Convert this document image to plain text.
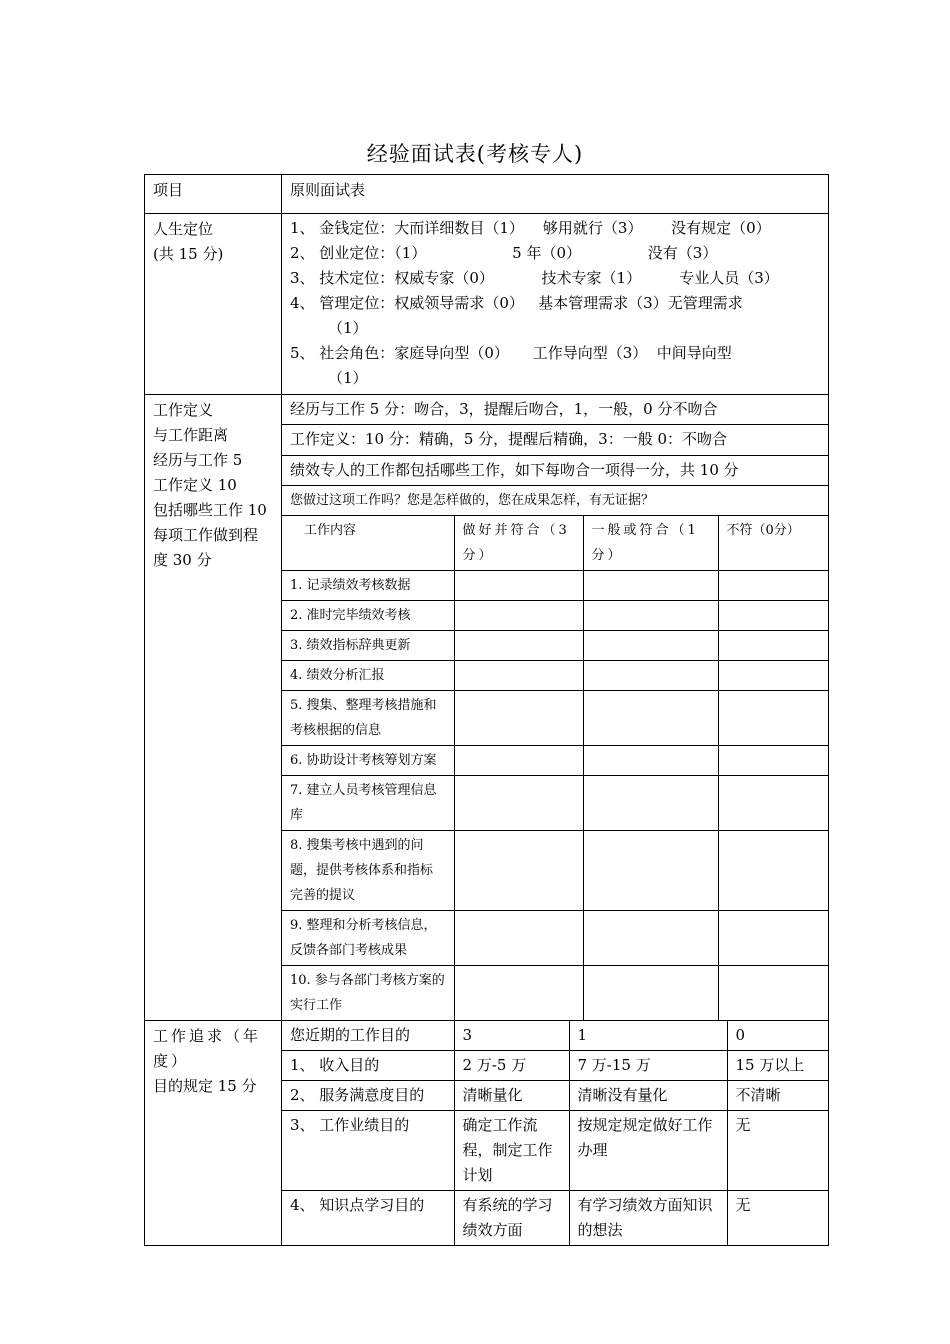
经验面试表(考核专人)
项目	原则面试表

人生定位
(共 15 分)

1、 金钱定位：大而详细数目（1）    够用就行（3）      没有规定（0）
2、 创业定位：（1）                  5 年（0）              没有（3）
3、 技术定位：权威专家（0）          技术专家（1）        专业人员（3）
4、 管理定位：权威领导需求（0）   基本管理需求（3）无管理需求
（1）
5、 社会角色：家庭导向型（0）     工作导向型（3）  中间导向型
（1）

工作定义
与工作距离
经历与工作 5
工作定义 10
包括哪些工作 10
每项工作做到程
度 30 分

经历与工作 5 分：吻合，3，提醒后吻合，1，一般，0 分不吻合
工作定义：10 分：精确，5 分，提醒后精确，3：一般 0：不吻合
绩效专人的工作都包括哪些工作，如下每吻合一项得一分，共 10 分
您做过这项工作吗？您是怎样做的，您在成果怎样，有无证据？
工作内容	做好并符合（3分）	一般或符合（1分）	不符（0分）
1. 记录绩效考核数据			
2. 准时完毕绩效考核			
3. 绩效指标辞典更新			
4. 绩效分析汇报			
5. 搜集、整理考核措施和考核根据的信息			
6. 协助设计考核筹划方案			
7. 建立人员考核管理信息库			
8. 搜集考核中遇到的问题，提供考核体系和指标完善的提议			
9. 整理和分析考核信息，反馈各部门考核成果			
10. 参与各部门考核方案的实行工作			

工作追求（年度）
目的规定 15 分

您近期的工作目的	3	1	0
1、 收入目的	2 万-5 万	7 万-15 万	15 万以上
2、 服务满意度目的	清晰量化	清晰没有量化	不清晰
3、 工作业绩目的	确定工作流程，制定工作计划	按规定规定做好工作办理	无
4、 知识点学习目的	有系统的学习绩效方面	有学习绩效方面知识的想法	无
